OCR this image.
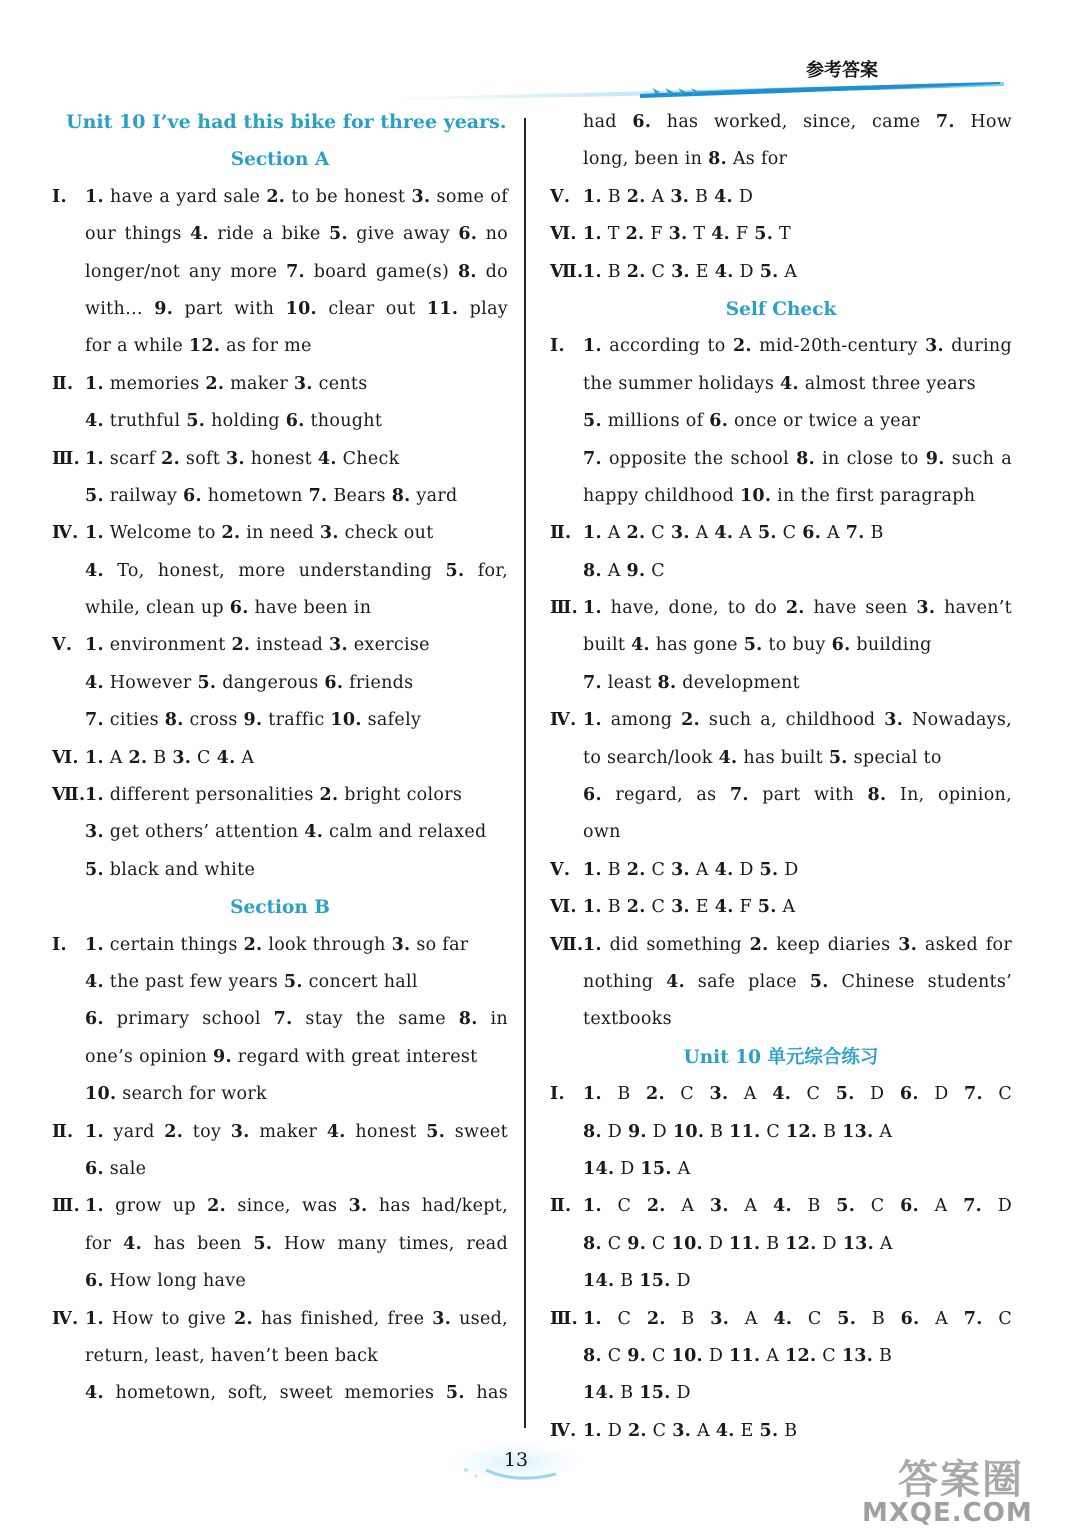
参考答案
Unit 10 I’ve had this bike for three years.
Section A
Ⅰ. 1. have a yard sale 2. to be honest 3. some of
our things 4. ride a bike 5. give away 6. no
longer/not any more 7. board game(s) 8. do
with… 9. part with 10. clear out 11. play
for a while 12. as for me
Ⅱ. 1. memories 2. maker 3. cents
4. truthful 5. holding 6. thought
Ⅲ. 1. scarf 2. soft 3. honest 4. Check
5. railway 6. hometown 7. Bears 8. yard
Ⅳ. 1. Welcome to 2. in need 3. check out
4. To, honest, more understanding 5. for,
while, clean up 6. have been in
Ⅴ. 1. environment 2. instead 3. exercise
4. However 5. dangerous 6. friends
7. cities 8. cross 9. traffic 10. safely
Ⅵ. 1. A 2. B 3. C 4. A
Ⅶ. 1. different personalities 2. bright colors
3. get others’ attention 4. calm and relaxed
5. black and white
Section B
Ⅰ. 1. certain things 2. look through 3. so far
4. the past few years 5. concert hall
6. primary school 7. stay the same 8. in
one’s opinion 9. regard with great interest
10. search for work
Ⅱ. 1. yard 2. toy 3. maker 4. honest 5. sweet
6. sale
Ⅲ. 1. grow up 2. since, was 3. has had/kept,
for 4. has been 5. How many times, read
6. How long have
Ⅳ. 1. How to give 2. has finished, free 3. used,
return, least, haven’t been back
4. hometown, soft, sweet memories 5. has
had 6. has worked, since, came 7. How
long, been in 8. As for
Ⅴ. 1. B 2. A 3. B 4. D
Ⅵ. 1. T 2. F 3. T 4. F 5. T
Ⅶ. 1. B 2. C 3. E 4. D 5. A
Self Check
Ⅰ. 1. according to 2. mid-20th-century 3. during
the summer holidays 4. almost three years
5. millions of 6. once or twice a year
7. opposite the school 8. in close to 9. such a
happy childhood 10. in the first paragraph
Ⅱ. 1. A 2. C 3. A 4. A 5. C 6. A 7. B
8. A 9. C
Ⅲ. 1. have, done, to do 2. have seen 3. haven’t
built 4. has gone 5. to buy 6. building
7. least 8. development
Ⅳ. 1. among 2. such a, childhood 3. Nowadays,
to search/look 4. has built 5. special to
6. regard, as 7. part with 8. In, opinion,
own
Ⅴ. 1. B 2. C 3. A 4. D 5. D
Ⅵ. 1. B 2. C 3. E 4. F 5. A
Ⅶ. 1. did something 2. keep diaries 3. asked for
nothing 4. safe place 5. Chinese students’
textbooks
Unit 10 单元综合练习
Ⅰ. 1. B 2. C 3. A 4. C 5. D 6. D 7. C
8. D 9. D 10. B 11. C 12. B 13. A
14. D 15. A
Ⅱ. 1. C 2. A 3. A 4. B 5. C 6. A 7. D
8. C 9. C 10. D 11. B 12. D 13. A
14. B 15. D
Ⅲ. 1. C 2. B 3. A 4. C 5. B 6. A 7. C
8. C 9. C 10. D 11. A 12. C 13. B
14. B 15. D
Ⅳ. 1. D 2. C 3. A 4. E 5. B
13	答案圈
MXQE.COM
